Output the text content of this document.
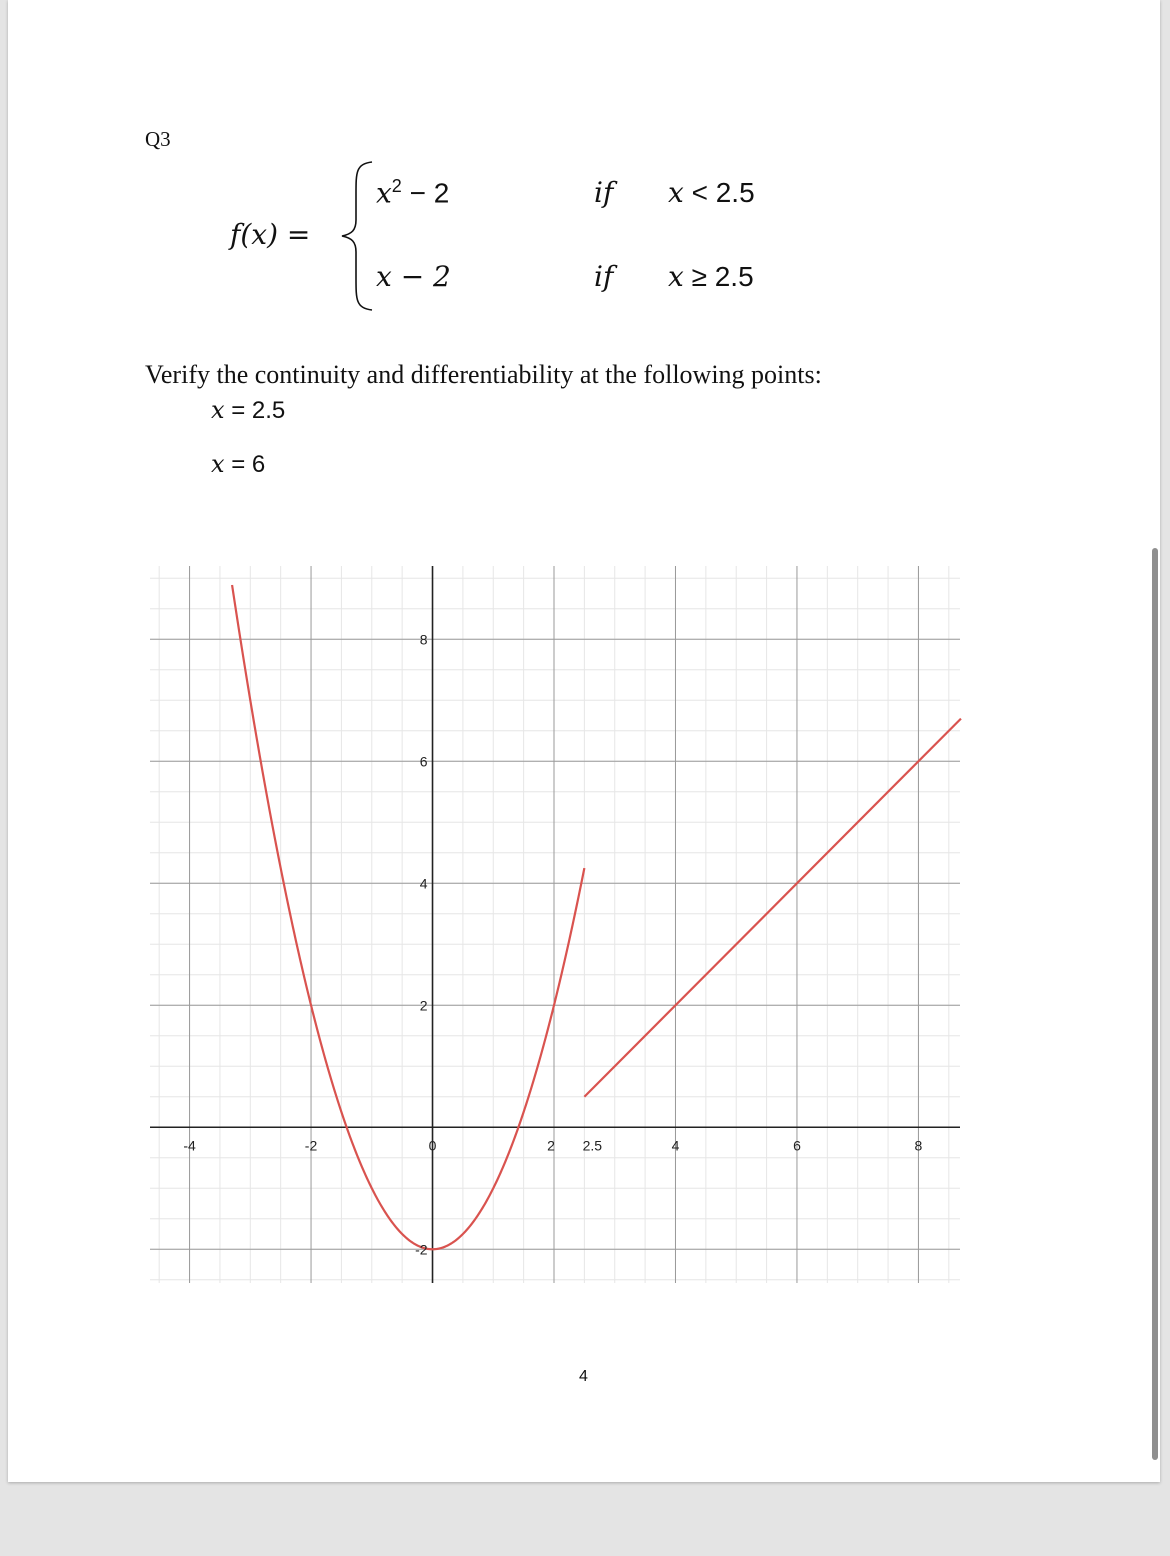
Q3
f(x) =
$x^2 - 2$	if x < 2.5
x − 2	if x ≥ 2.5
Verify the continuity and differentiability at the following points:
x = 2.5
x = 6
-4	-2	0	2 2.5	4	6	8
-2
2
4
6
8
4
